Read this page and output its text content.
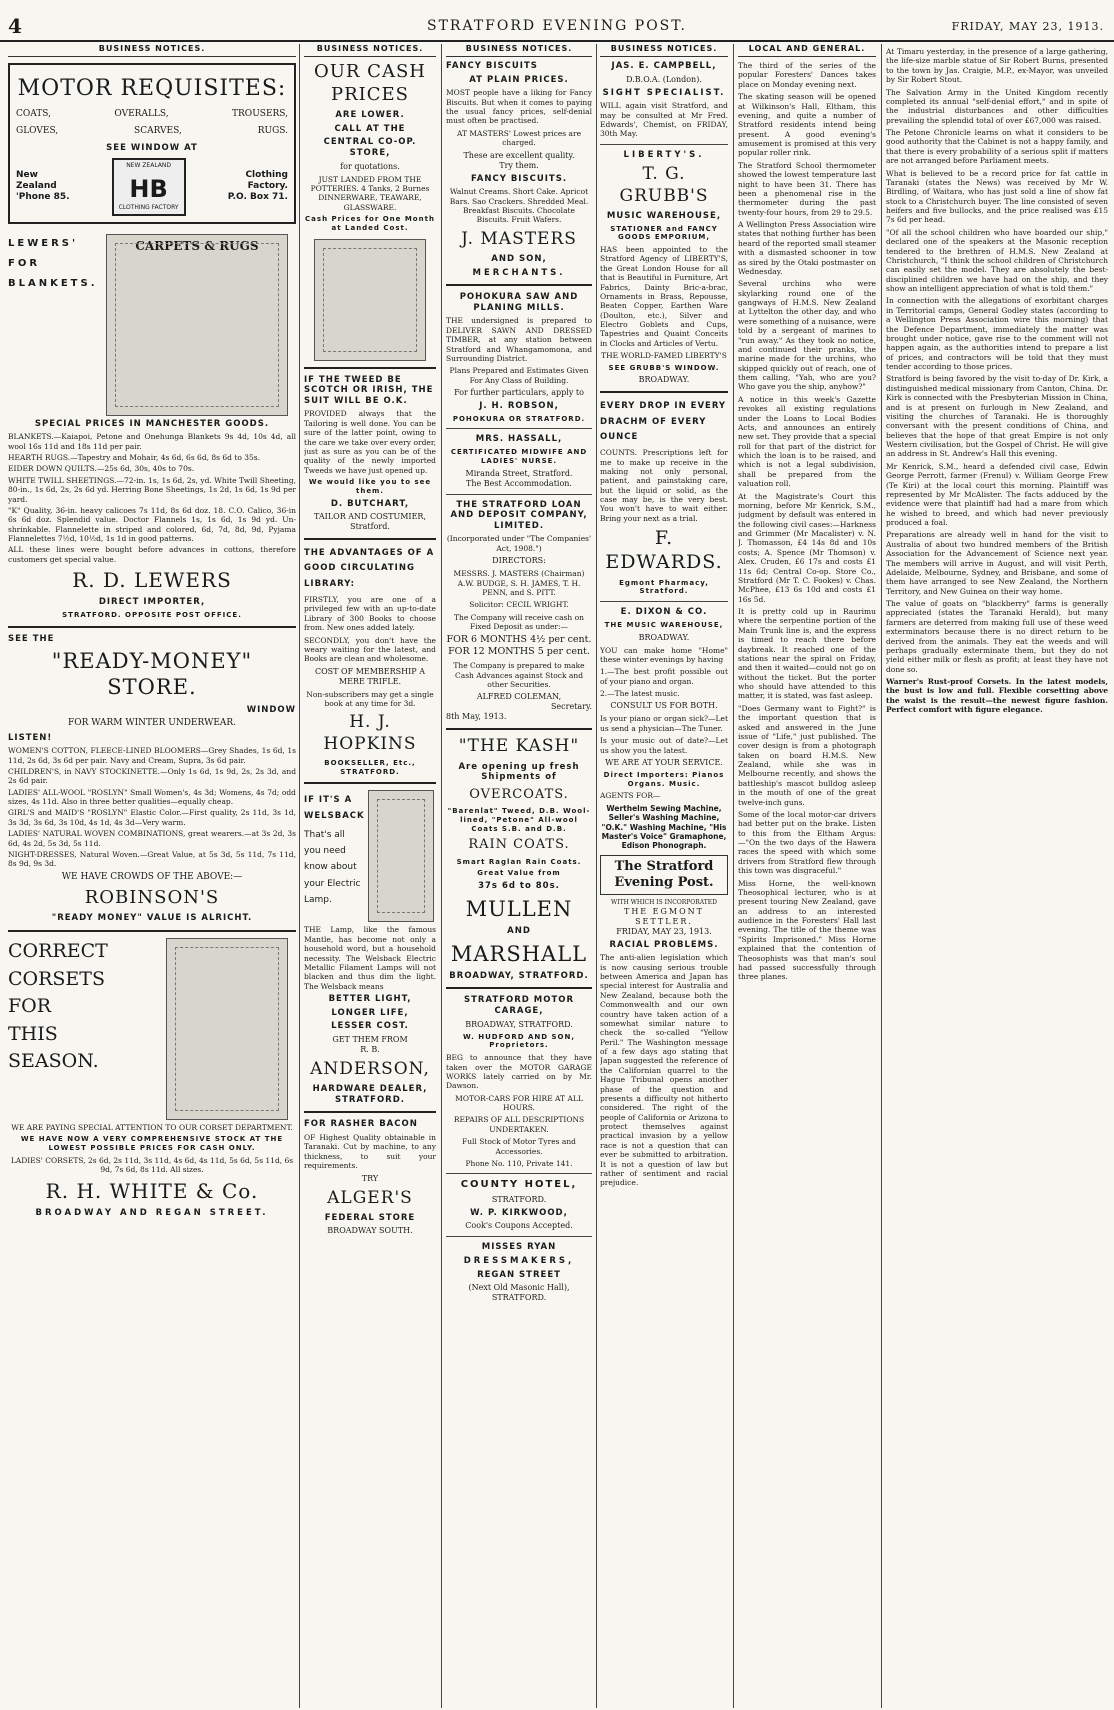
4	STRATFORD EVENING POST.	FRIDAY, MAY 23, 1913.
BUSINESS NOTICES.
MOTOR REQUISITES:
COATS,	OVERALLS,	TROUSERS,
GLOVES,	SCARVES,	RUGS.
SEE WINDOW AT
New
Zealand
'Phone 85.
NEW ZEALAND
HB
CLOTHING FACTORY
Clothing
Factory.
P.O. Box 71.
LEWERS'
FOR
BLANKETS.
CARPETS & RUGS
SPECIAL PRICES IN MANCHESTER GOODS.
BLANKETS.—Kaiapoi, Petone and Onehunga Blankets 9s 4d, 10s 4d, all wool 16s 11d and 18s 11d per pair.
HEARTH RUGS.—Tapestry and Mohair, 4s 6d, 6s 6d, 8s 6d to 35s.
EIDER DOWN QUILTS.—25s 6d, 30s, 40s to 70s.
WHITE TWILL SHEETINGS.—72-in. 1s, 1s 6d, 2s, yd. White Twill Sheeting, 80-in., 1s 6d, 2s, 2s 6d yd. Herring Bone Sheetings, 1s 2d, 1s 6d, 1s 9d per yard.
"K" Quality, 36-in. heavy calicoes 7s 11d, 8s 6d doz. 18. C.O. Calico, 36-in 6s 6d doz. Splendid value. Doctor Flannels 1s, 1s 6d, 1s 9d yd. Un-shrinkable. Flannelette in striped and colored, 6d, 7d, 8d, 9d, Pyjama Flannelettes 7½d, 10½d, 1s 1d in good patterns.
ALL these lines were bought before advances in cottons, therefore customers get special value.
R. D. LEWERS
DIRECT IMPORTER,
STRATFORD. OPPOSITE POST OFFICE.
SEE THE
"READY-MONEY" STORE.
WINDOW
FOR WARM WINTER UNDERWEAR.
LISTEN!
WOMEN'S COTTON, FLEECE-LINED BLOOMERS—Grey Shades, 1s 6d, 1s 11d, 2s 6d, 3s 6d per pair. Navy and Cream, Supra, 3s 6d pair.
CHILDREN'S, in NAVY STOCKINETTE.—Only 1s 6d, 1s 9d, 2s, 2s 3d, and 2s 6d pair.
LADIES' ALL-WOOL "ROSLYN" Small Women's, 4s 3d; Womens, 4s 7d; odd sizes, 4s 11d. Also in three better qualities—equally cheap.
GIRL'S and MAID'S "ROSLYN" Elastic Color.—First quality, 2s 11d, 3s 1d, 3s 3d, 3s 6d, 3s 10d, 4s 1d, 4s 3d—Very warm.
LADIES' NATURAL WOVEN COMBINATIONS, great wearers.—at 3s 2d, 3s 6d, 4s 2d, 5s 3d, 5s 11d.
NIGHT-DRESSES, Natural Woven.—Great Value, at 5s 3d, 5s 11d, 7s 11d, 8s 9d, 9s 3d.
WE HAVE CROWDS OF THE ABOVE:—
ROBINSON'S
"READY MONEY" VALUE IS ALRICHT.
CORRECT
CORSETS
FOR
THIS
SEASON.
WE ARE PAYING SPECIAL ATTENTION TO OUR CORSET DEPARTMENT.
WE HAVE NOW A VERY COMPREHENSIVE STOCK AT THE LOWEST POSSIBLE PRICES FOR CASH ONLY.
LADIES' CORSETS, 2s 6d, 2s 11d, 3s 11d, 4s 6d, 4s 11d, 5s 6d, 5s 11d, 6s 9d, 7s 6d, 8s 11d. All sizes.
R. H. WHITE & Co.
BROADWAY AND REGAN STREET.
BUSINESS NOTICES.
OUR CASH PRICES
ARE LOWER.
CALL AT THE
CENTRAL CO-OP. STORE,
for quotations.
JUST LANDED FROM THE POTTERIES. 4 Tanks, 2 Burnes DINNERWARE, TEAWARE, GLASSWARE.
Cash Prices for One Month at Landed Cost.
IF THE TWEED BE SCOTCH OR IRISH, THE SUIT WILL BE O.K.
PROVIDED always that the Tailoring is well done. You can be sure of the latter point, owing to the care we take over every order, just as sure as you can be of the quality of the newly imported Tweeds we have just opened up.
We would like you to see them.
D. BUTCHART,
TAILOR AND COSTUMIER,
Stratford.
THE ADVANTAGES OF A GOOD CIRCULATING LIBRARY:
FIRSTLY, you are one of a privileged few with an up-to-date Library of 300 Books to choose from. New ones added lately.
SECONDLY, you don't have the weary waiting for the latest, and Books are clean and wholesome.
COST OF MEMBERSHIP A MERE TRIFLE.
Non-subscribers may get a single book at any time for 3d.
H. J. HOPKINS
BOOKSELLER, Etc., STRATFORD.
IF IT'S A WELSBACK
That's all you need know about your Electric Lamp.
THE Lamp, like the famous Mantle, has become not only a household word, but a household necessity. The Welsback Electric Metallic Filament Lamps will not blacken and thus dim the light. The Welsback means
BETTER LIGHT,
LONGER LIFE,
LESSER COST.
GET THEM FROM
R. B.
ANDERSON,
HARDWARE DEALER, STRATFORD.
FOR RASHER BACON
OF Highest Quality obtainable in Taranaki. Cut by machine, to any thickness, to suit your requirements.
TRY
ALGER'S
FEDERAL STORE
BROADWAY SOUTH.
BUSINESS NOTICES.
FANCY BISCUITS
AT PLAIN PRICES.
MOST people have a liking for Fancy Biscuits. But when it comes to paying the usual fancy prices, self-denial must often be practised.
AT MASTERS' Lowest prices are charged.
These are excellent quality.
Try them.
FANCY BISCUITS.
Walnut Creams. Short Cake. Apricot Bars. Sao Crackers. Shredded Meal. Breakfast Biscuits. Chocolate Biscuits. Fruit Wafers.
J. MASTERS
AND SON,
MERCHANTS.
POHOKURA SAW AND PLANING MILLS.
THE undersigned is prepared to DELIVER SAWN AND DRESSED TIMBER, at any station between Stratford and Whangamomona, and Surrounding District.
Plans Prepared and Estimates Given For Any Class of Building.
For further particulars, apply to
J. H. ROBSON,
POHOKURA OR STRATFORD.
MRS. HASSALL,
CERTIFICATED MIDWIFE AND LADIES' NURSE.
Miranda Street, Stratford.
The Best Accommodation.
THE STRATFORD LOAN AND DEPOSIT COMPANY, LIMITED.
(Incorporated under "The Companies' Act, 1908.")
DIRECTORS:
MESSRS. J. MASTERS (Chairman) A.W. BUDGE, S. H. JAMES, T. H. PENN, and S. PITT.
Solicitor: CECIL WRIGHT.
The Company will receive cash on Fixed Deposit as under:—
FOR 6 MONTHS 4½ per cent.
FOR 12 MONTHS 5 per cent.
The Company is prepared to make Cash Advances against Stock and other Securities.
ALFRED COLEMAN,
Secretary.
8th May, 1913.
"THE KASH"
Are opening up fresh Shipments of
OVERCOATS.
"Barenlat" Tweed, D.B. Wool-lined, "Petone" All-wool Coats S.B. and D.B.
RAIN COATS.
Smart Raglan Rain Coats.
Great Value from
37s 6d to 80s.
MULLEN
AND
MARSHALL
BROADWAY, STRATFORD.
STRATFORD MOTOR CARAGE,
BROADWAY, STRATFORD.
W. HUDFORD AND SON, Proprietors.
BEG to announce that they have taken over the MOTOR GARAGE WORKS lately carried on by Mr. Dawson.
MOTOR-CARS FOR HIRE AT ALL HOURS.
REPAIRS OF ALL DESCRIPTIONS UNDERTAKEN.
Full Stock of Motor Tyres and Accessories.
Phone No. 110, Private 141.
COUNTY HOTEL,
STRATFORD.
W. P. KIRKWOOD,
Cook's Coupons Accepted.
MISSES RYAN
DRESSMAKERS,
REGAN STREET
(Next Old Masonic Hall),
STRATFORD.
BUSINESS NOTICES.
JAS. E. CAMPBELL,
D.B.O.A. (London).
SIGHT SPECIALIST.
WILL again visit Stratford, and may be consulted at Mr Fred. Edwards', Chemist, on FRIDAY, 30th May.
LIBERTY'S.
T. G. GRUBB'S
MUSIC WAREHOUSE,
STATIONER and FANCY GOODS EMPORIUM,
HAS been appointed to the Stratford Agency of LIBERTY'S, the Great London House for all that is Beautiful in Furniture, Art Fabrics, Dainty Bric-a-brac, Ornaments in Brass, Repousse, Beaten Copper, Earthen Ware (Doulton, etc.), Silver and Electro Goblets and Cups, Tapestries and Quaint Conceits in Clocks and Articles of Vertu.
THE WORLD-FAMED LIBERTY'S
SEE GRUBB'S WINDOW.
BROADWAY.
EVERY DROP IN EVERY DRACHM OF EVERY OUNCE
COUNTS. Prescriptions left for me to make up receive in the making not only personal, patient, and painstaking care, but the liquid or solid, as the case may be, is the very best. You won't have to wait either. Bring your next as a trial.
F. EDWARDS.
Egmont Pharmacy, Stratford.
E. DIXON & CO.
THE MUSIC WAREHOUSE,
BROADWAY.
YOU can make home "Home" these winter evenings by having
1.—The best profit possible out of your piano and organ.
2.—The latest music.
CONSULT US FOR BOTH.
Is your piano or organ sick?—Let us send a physician—The Tuner.
Is your music out of date?—Let us show you the latest.
WE ARE AT YOUR SERVICE.
Direct Importers: Pianos Organs. Music.
AGENTS FOR—
Werthelm Sewing Machine, Seller's Washing Machine, "O.K." Washing Machine, "His Master's Voice" Gramaphone, Edison Phonograph.
The Stratford Evening Post.
WITH WHICH IS INCORPORATED
THE EGMONT SETTLER.
FRIDAY, MAY 23, 1913.
RACIAL PROBLEMS.
The anti-alien legislation which is now causing serious trouble between America and Japan has special interest for Australia and New Zealand, because both the Commonwealth and our own country have taken action of a somewhat similar nature to check the so-called "Yellow Peril." The Washington message of a few days ago stating that Japan suggested the reference of the Californian quarrel to the Hague Tribunal opens another phase of the question and presents a difficulty not hitherto considered. The right of the people of California or Arizona to protect themselves against practical invasion by a yellow race is not a question that can ever be submitted to arbitration. It is not a question of law but rather of sentiment and racial prejudice.
LOCAL AND GENERAL.
The third of the series of the popular Foresters' Dances takes place on Monday evening next.
The skating season will be opened at Wilkinson's Hall, Eltham, this evening, and quite a number of Stratford residents intend being present. A good evening's amusement is promised at this very popular roller rink.
The Stratford School thermometer showed the lowest temperature last night to have been 31. There has been a phenomenal rise in the thermometer during the past twenty-four hours, from 29 to 29.5.
A Wellington Press Association wire states that nothing further has been heard of the reported small steamer with a dismasted schooner in tow as sired by the Otaki postmaster on Wednesday.
Several urchins who were skylarking round one of the gangways of H.M.S. New Zealand at Lyttelton the other day, and who were something of a nuisance, were told by a sergeant of marines to "run away." As they took no notice, and continued their pranks, the marine made for the urchins, who skipped quickly out of reach, one of them calling, "Yah, who are you? Who gave you the ship, anyhow?"
A notice in this week's Gazette revokes all existing regulations under the Loans to Local Bodies Acts, and announces an entirely new set. They provide that a special roll for that part of the district for which the loan is to be raised, and which is not a legal subdivision, shall be prepared from the valuation roll.
At the Magistrate's Court this morning, before Mr Kenrick, S.M., judgment by default was entered in the following civil cases:—Harkness and Grimmer (Mr Macalister) v. N. J. Thomasson, £4 14s 8d and 10s costs; A. Spence (Mr Thomson) v. Alex. Cruden, £6 17s and costs £1 11s 6d; Central Co-op. Store Co., Stratford (Mr T. C. Fookes) v. Chas. McPhee, £13 6s 10d and costs £1 16s 5d.
It is pretty cold up in Raurimu where the serpentine portion of the Main Trunk line is, and the express is timed to reach there before daybreak. It reached one of the stations near the spiral on Friday, and then it waited—could not go on without the ticket. But the porter who should have attended to this matter, it is stated, was fast asleep.
"Does Germany want to Fight?" is the important question that is asked and answered in the June issue of "Life," just published. The cover design is from a photograph taken on board H.M.S. New Zealand, while she was in Melbourne recently, and shows the battleship's mascot bulldog asleep in the mouth of one of the great twelve-inch guns.
Some of the local motor-car drivers had better put on the brake. Listen to this from the Eltham Argus:—"On the two days of the Hawera races the speed with which some drivers from Stratford flew through this town was disgraceful."
Miss Horne, the well-known Theosophical lecturer, who is at present touring New Zealand, gave an address to an interested audience in the Foresters' Hall last evening. The title of the theme was "Spirits Imprisoned." Miss Horne explained that the contention of Theosophists was that man's soul had passed successfully through three planes.
At Timaru yesterday, in the presence of a large gathering, the life-size marble statue of Sir Robert Burns, presented to the town by Jas. Craigie, M.P., ex-Mayor, was unveiled by Sir Robert Stout.
The Salvation Army in the United Kingdom recently completed its annual "self-denial effort," and in spite of the industrial disturbances and other difficulties prevailing the splendid total of over £67,000 was raised.
The Petone Chronicle learns on what it considers to be good authority that the Cabinet is not a happy family, and that there is every probability of a serious split if matters are not arranged before Parliament meets.
What is believed to be a record price for fat cattle in Taranaki (states the News) was received by Mr W. Birdling, of Waitara, who has just sold a line of show fat stock to a Christchurch buyer. The line consisted of seven heifers and five bullocks, and the price realised was £15 7s 6d per head.
"Of all the school children who have boarded our ship," declared one of the speakers at the Masonic reception tendered to the brethren of H.M.S. New Zealand at Christchurch, "I think the school children of Christchurch can easily set the model. They are absolutely the best-disciplined children we have had on the ship, and they show an intelligent appreciation of what is told them."
In connection with the allegations of exorbitant charges in Territorial camps, General Godley states (according to a Wellington Press Association wire this morning) that the Defence Department, immediately the matter was brought under notice, gave rise to the comment will not happen again, as the authorities intend to prepare a list of prices, and contractors will be told that they must tender according to those prices.
Stratford is being favored by the visit to-day of Dr. Kirk, a distinguished medical missionary from Canton, China. Dr. Kirk is connected with the Presbyterian Mission in China, and is at present on furlough in New Zealand, and visiting the churches of Taranaki. He is thoroughly conversant with the present conditions of China, and believes that the hope of that great Empire is not only Western civilisation, but the Gospel of Christ. He will give an address in St. Andrew's Hall this evening.
Mr Kenrick, S.M., heard a defended civil case, Edwin George Perrott, farmer (Frenul) v. William George Frew (Te Kiri) at the local court this morning. Plaintiff was represented by Mr McAlister. The facts adduced by the evidence were that plaintiff had had a mare from which he wished to breed, and which had never previously produced a foal.
Preparations are already well in hand for the visit to Australia of about two hundred members of the British Association for the Advancement of Science next year. The members will arrive in August, and will visit Perth, Adelaide, Melbourne, Sydney, and Brisbane, and some of them have arranged to see New Zealand, the Northern Territory, and New Guinea on their way home.
The value of goats on "blackberry" farms is generally appreciated (states the Taranaki Herald), but many farmers are deterred from making full use of these weed exterminators because there is no direct return to be derived from the animals. They eat the weeds and will perhaps gradually exterminate them, but they do not yield either milk or flesh as profit; at least they have not done so.
Warner's Rust-proof Corsets. In the latest models, the bust is low and full. Flexible corsetting above the waist is the result—the newest figure fashion. Perfect comfort with figure elegance.
